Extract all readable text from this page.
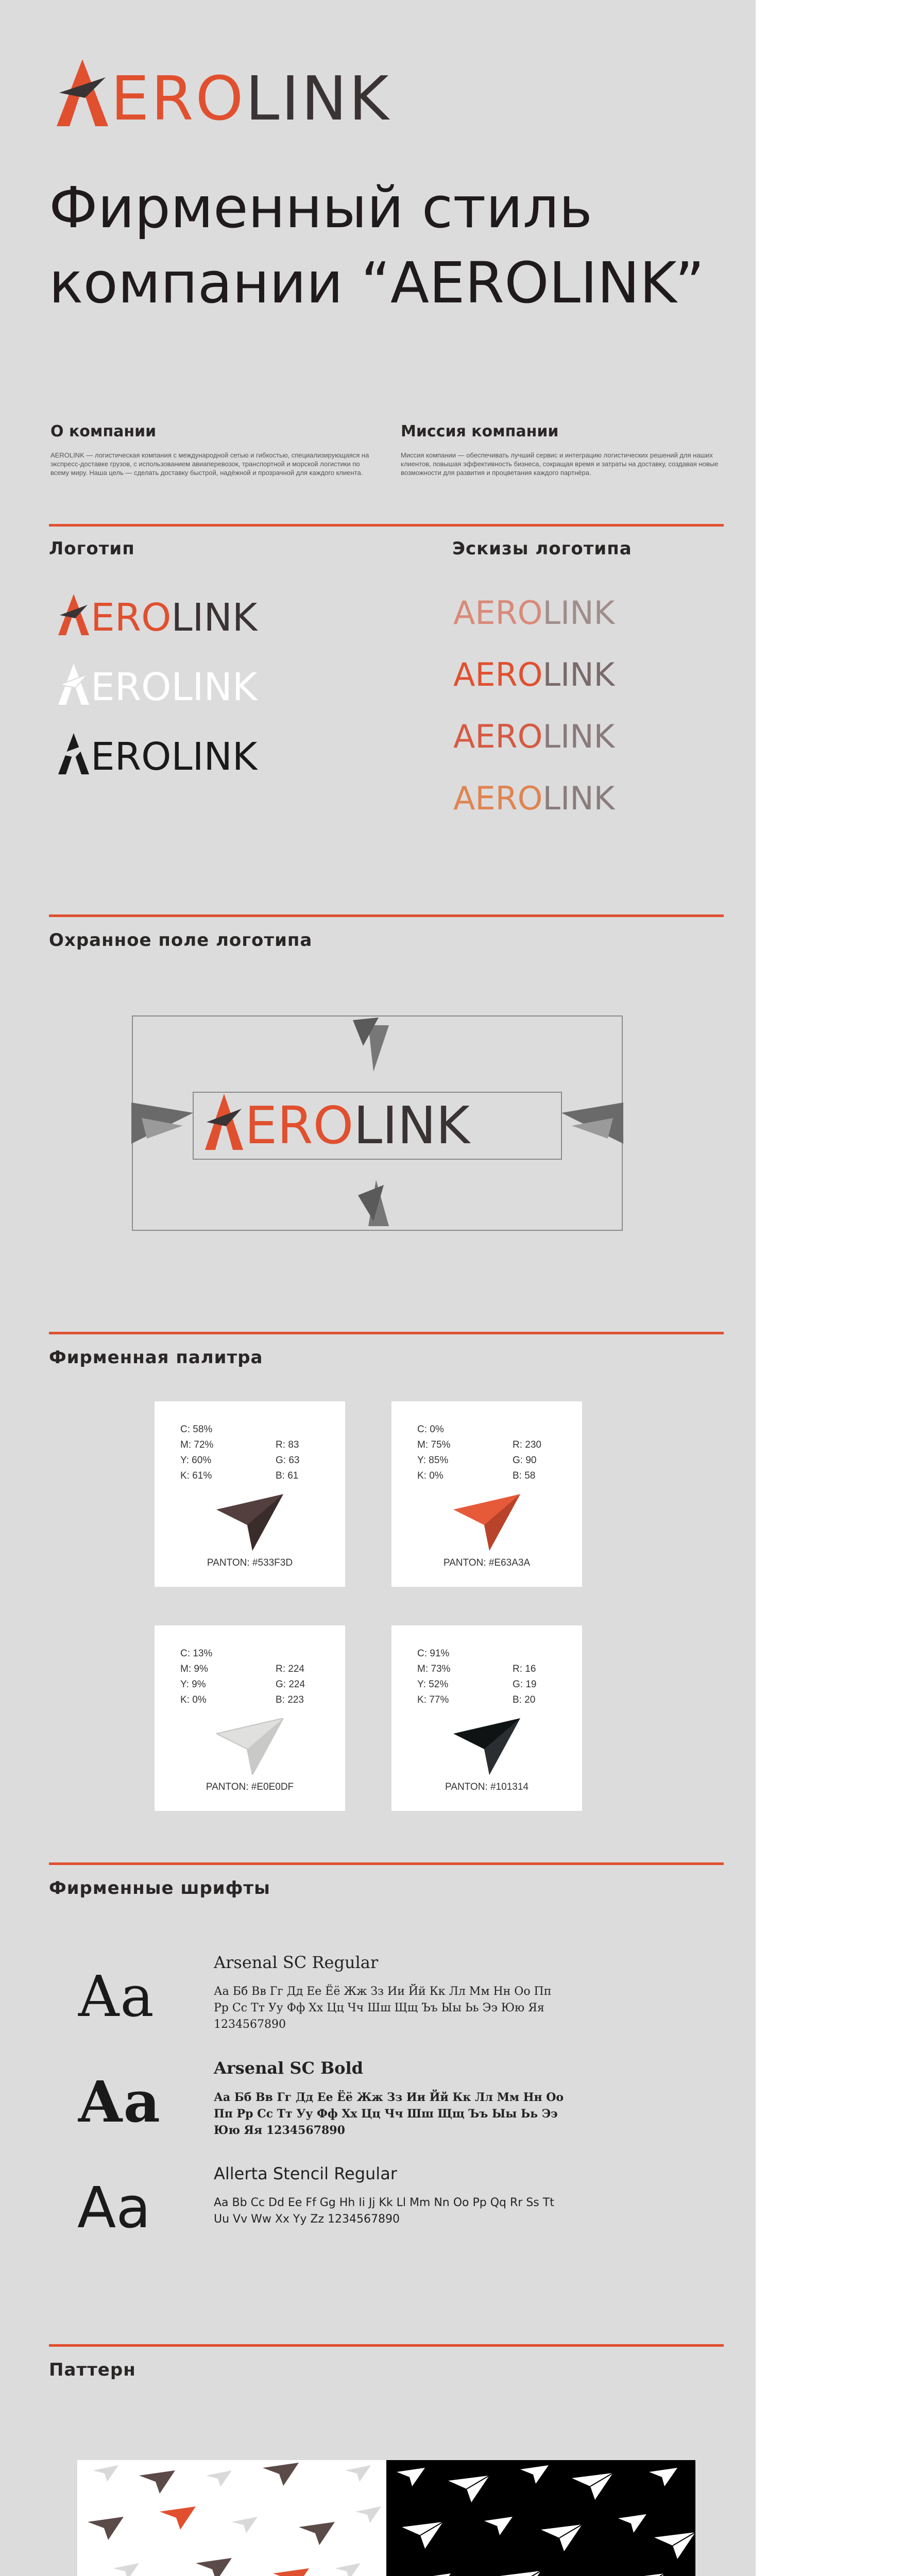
ERO LINK
Фирменный стиль
компании “AEROLINK”
О компании
AEROLINK — логистическая компания с международной сетью и гибкостью, специализирующаяся на экспресс-доставке грузов, с использованием авиаперевозок, транспортной и морской логистики по всему миру. Наша цель — сделать доставку быстрой, надёжной и прозрачной для каждого клиента.
Миссия компании
Миссия компании — обеспечивать лучший сервис и интеграцию логистических решений для наших клиентов, повышая эффективность бизнеса, сокращая время и затраты на доставку, создавая новые возможности для развития и процветания каждого партнёра.
Логотип	Эскизы логотипа
ERO LINK
ERO LINK
ERO LINK
AEROLINK
AEROLINK
AEROLINK
AEROLINK
Охранное поле логотипа
ERO LINK
Фирменная палитра
C: 58%
M: 72%
Y: 60%
K: 61%
R: 83
G: 63
B: 61
PANTON: #533F3D
C: 0%
M: 75%
Y: 85%
K: 0%
R: 230
G: 90
B: 58
PANTON: #E63A3A
C: 13%
M: 9%
Y: 9%
K: 0%
R: 224
G: 224
B: 223
PANTON: #E0E0DF
C: 91%
M: 73%
Y: 52%
K: 77%
R: 16
G: 19
B: 20
PANTON: #101314
Фирменные шрифты
Аа
Arsenal SC Regular
Аа Бб Вв Гг Дд Ее Ёё Жж Зз Ии Йй Кк Лл Мм Нн Оо Пп Рр Сс Тт Уу Фф Хх Цц Чч Шш Щщ Ъъ Ыы Ьь Ээ Юю Яя 1234567890
Аа
Arsenal SC Bold
Аа Бб Вв Гг Дд Ее Ёё Жж Зз Ии Йй Кк Лл Мм Нн Оо Пп Рр Сс Тт Уу Фф Хх Цц Чч Шш Щщ Ъъ Ыы Ьь Ээ Юю Яя 1234567890
Аа
Allerta Stencil Regular
Aa Bb Cc Dd Ee Ff Gg Hh Ii Jj Kk Ll Mm Nn Oo Pp Qq Rr Ss Tt Uu Vv Ww Xx Yy Zz 1234567890
Паттерн
